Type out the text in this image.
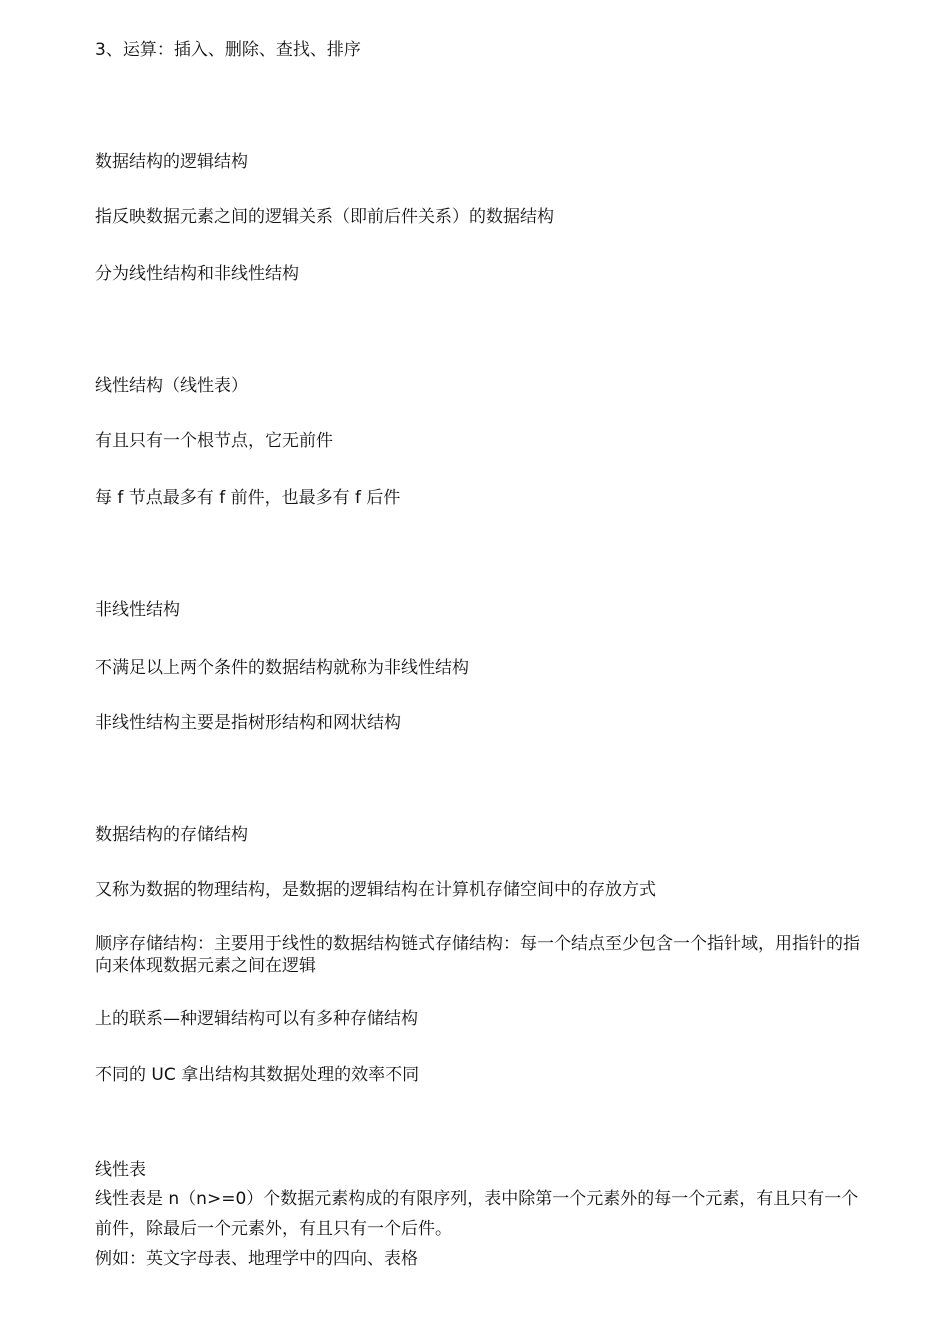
3、运算：插入、删除、查找、排序

数据结构的逻辑结构

指反映数据元素之间的逻辑关系（即前后件关系）的数据结构

分为线性结构和非线性结构

线性结构（线性表）

有且只有一个根节点，它无前件

每 f 节点最多有 f 前件，也最多有 f 后件

非线性结构

不满足以上两个条件的数据结构就称为非线性结构

非线性结构主要是指树形结构和网状结构

数据结构的存储结构

又称为数据的物理结构，是数据的逻辑结构在计算机存储空间中的存放方式

顺序存储结构：主要用于线性的数据结构链式存储结构：每一个结点至少包含一个指针域，用指针的指向来体现数据元素之间在逻辑

上的联系—种逻辑结构可以有多种存储结构

不同的 UC 拿出结构其数据处理的效率不同

线性表

线性表是 n（n>=0）个数据元素构成的有限序列，表中除第一个元素外的每一个元素，有且只有一个前件，除最后一个元素外，有且只有一个后件。

例如：英文字母表、地理学中的四向、表格
